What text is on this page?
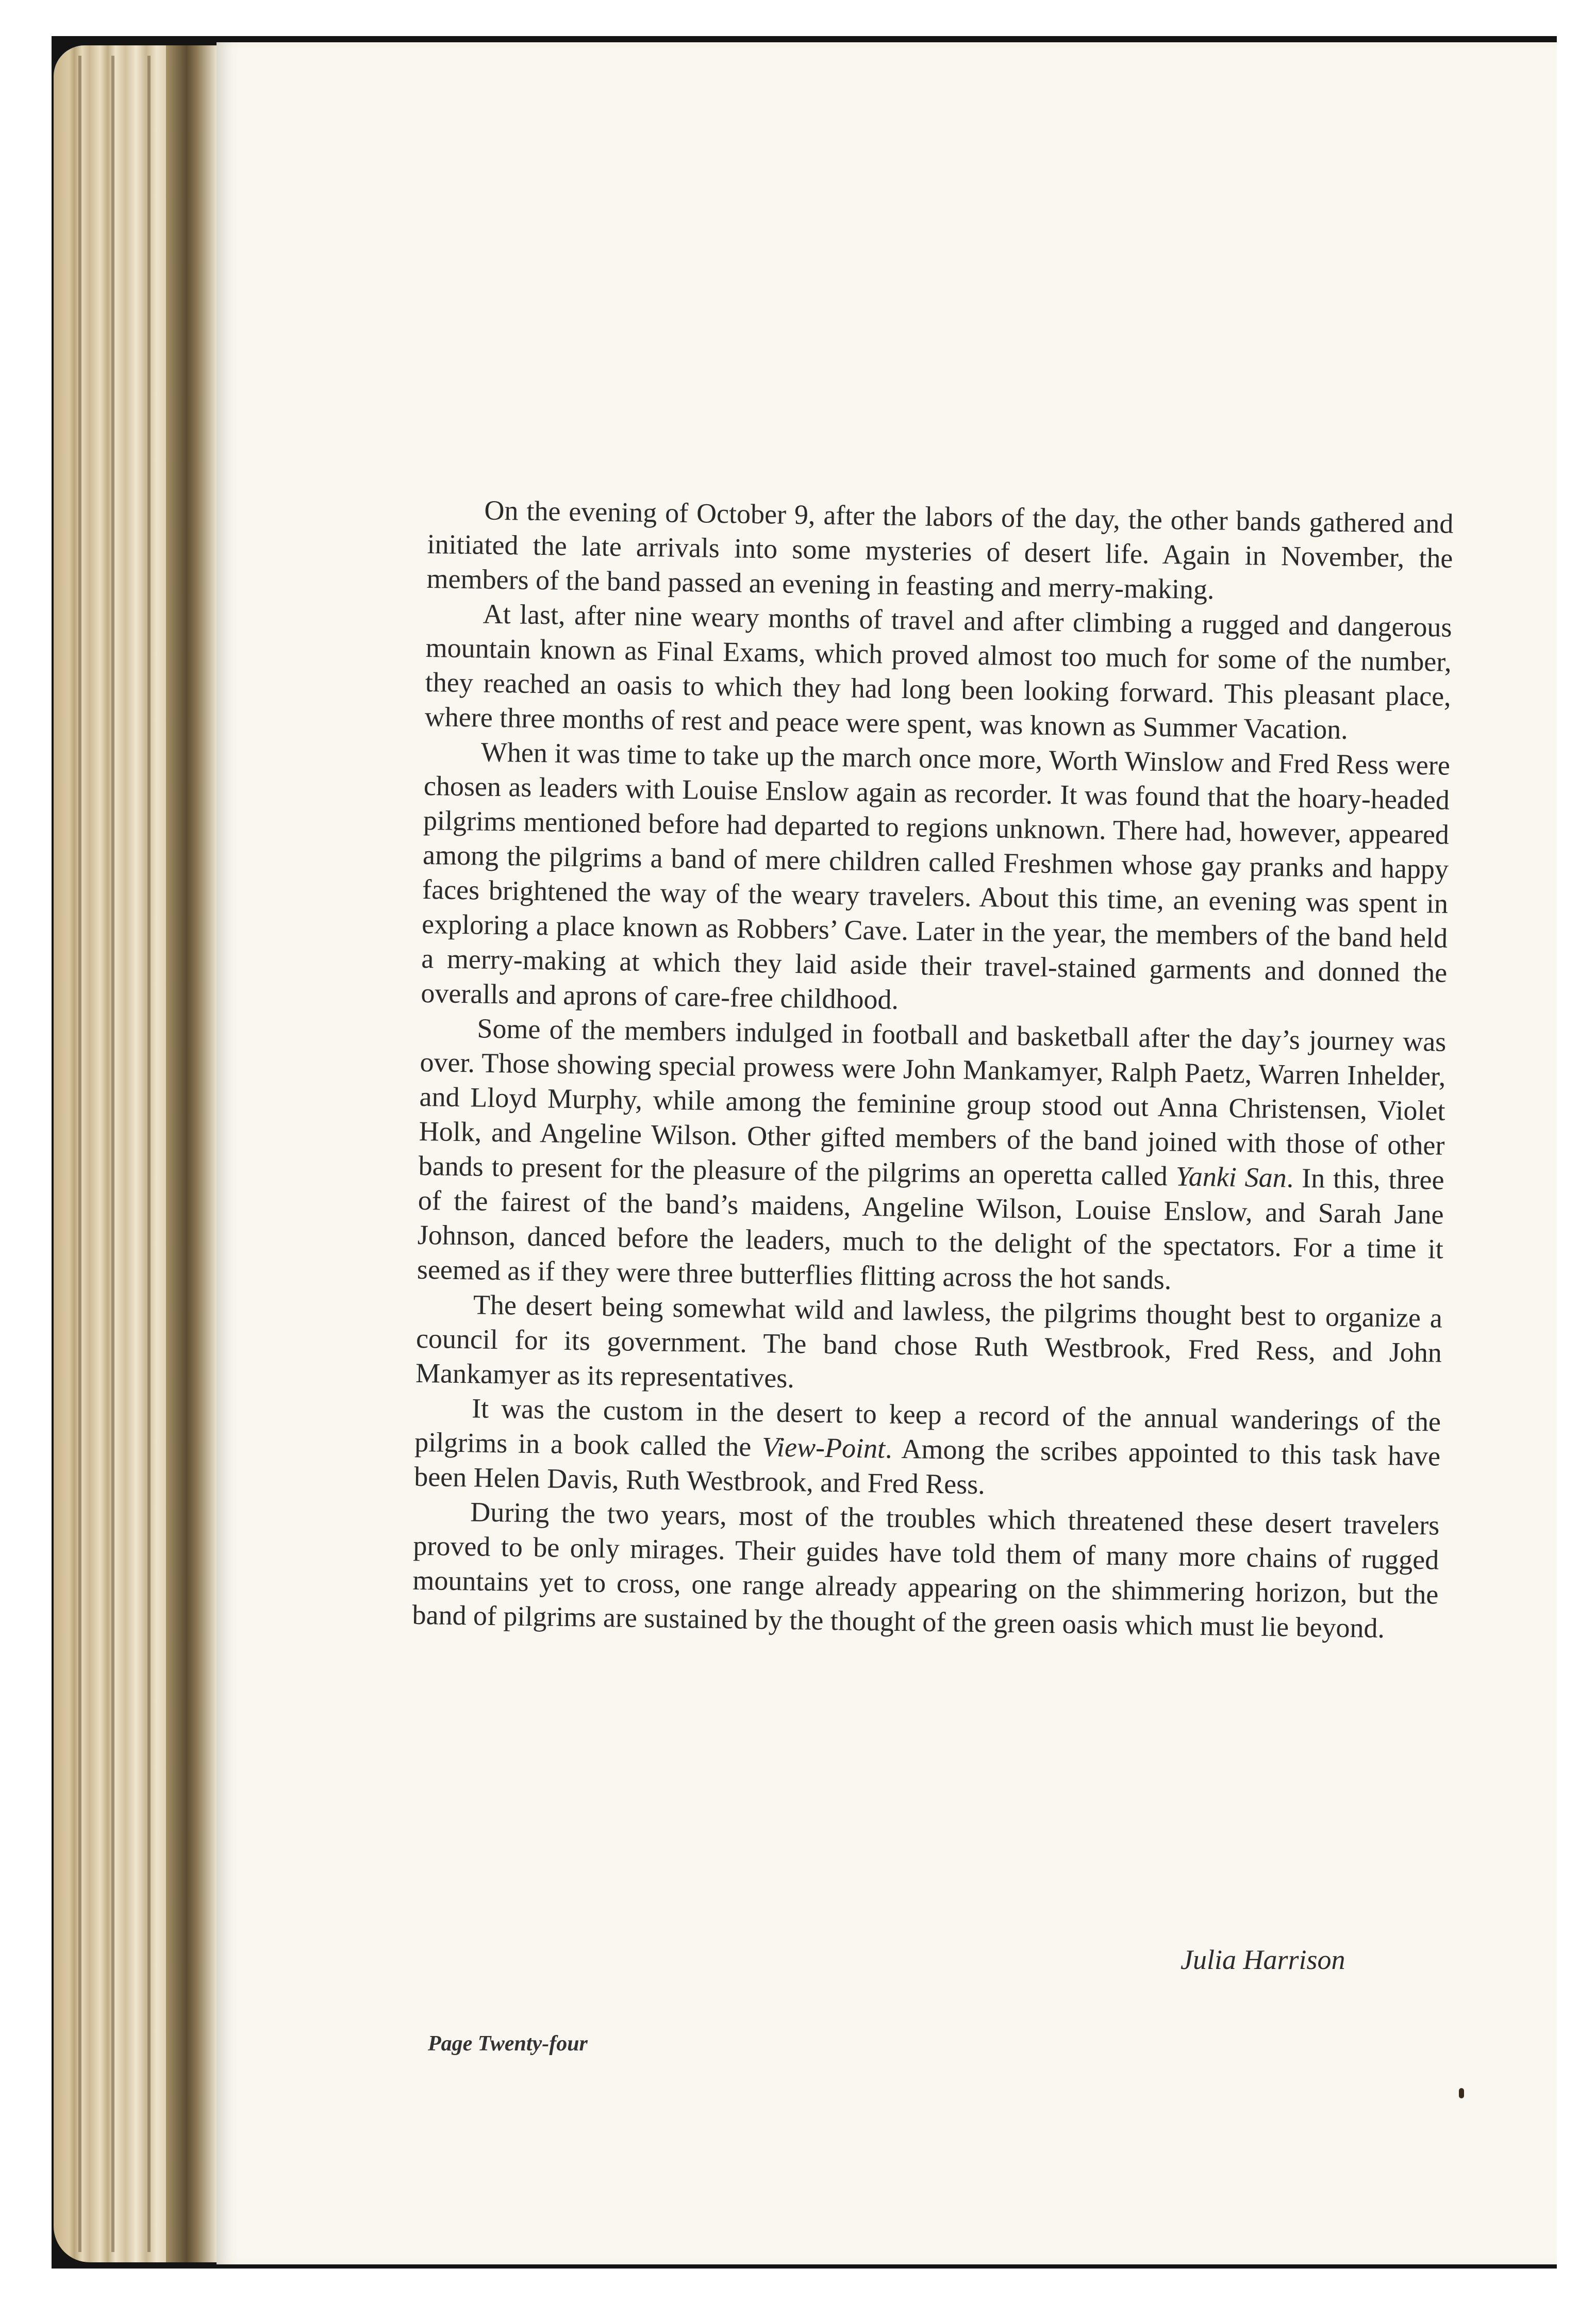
On the evening of October 9, after the labors of the day, the other bands gathered and initiated the late arrivals into some mysteries of desert life. Again in November, the members of the band passed an evening in feasting and merry-making.

At last, after nine weary months of travel and after climbing a rugged and dangerous mountain known as Final Exams, which proved almost too much for some of the number, they reached an oasis to which they had long been looking forward. This pleasant place, where three months of rest and peace were spent, was known as Summer Vacation.

When it was time to take up the march once more, Worth Winslow and Fred Ress were chosen as leaders with Louise Enslow again as recorder. It was found that the hoary-headed pilgrims mentioned before had departed to regions unknown. There had, however, appeared among the pilgrims a band of mere children called Freshmen whose gay pranks and happy faces brightened the way of the weary travelers. About this time, an evening was spent in exploring a place known as Robbers’ Cave. Later in the year, the members of the band held a merry-making at which they laid aside their travel-stained garments and donned the overalls and aprons of care-free childhood.

Some of the members indulged in football and basketball after the day’s journey was over. Those showing special prowess were John Mankamyer, Ralph Paetz, Warren Inhelder, and Lloyd Murphy, while among the feminine group stood out Anna Christensen, Violet Holk, and Angeline Wilson. Other gifted members of the band joined with those of other bands to present for the pleasure of the pilgrims an operetta called Yanki San. In this, three of the fairest of the band’s maidens, Angeline Wilson, Louise Enslow, and Sarah Jane Johnson, danced before the leaders, much to the delight of the spectators. For a time it seemed as if they were three butterflies flitting across the hot sands.

The desert being somewhat wild and lawless, the pilgrims thought best to organize a council for its government. The band chose Ruth Westbrook, Fred Ress, and John Mankamyer as its representatives.

It was the custom in the desert to keep a record of the annual wanderings of the pilgrims in a book called the View-Point. Among the scribes appointed to this task have been Helen Davis, Ruth Westbrook, and Fred Ress.

During the two years, most of the troubles which threatened these desert travelers proved to be only mirages. Their guides have told them of many more chains of rugged mountains yet to cross, one range already appearing on the shimmering horizon, but the band of pilgrims are sustained by the thought of the green oasis which must lie beyond.

Julia Harrison
Page Twenty-four
